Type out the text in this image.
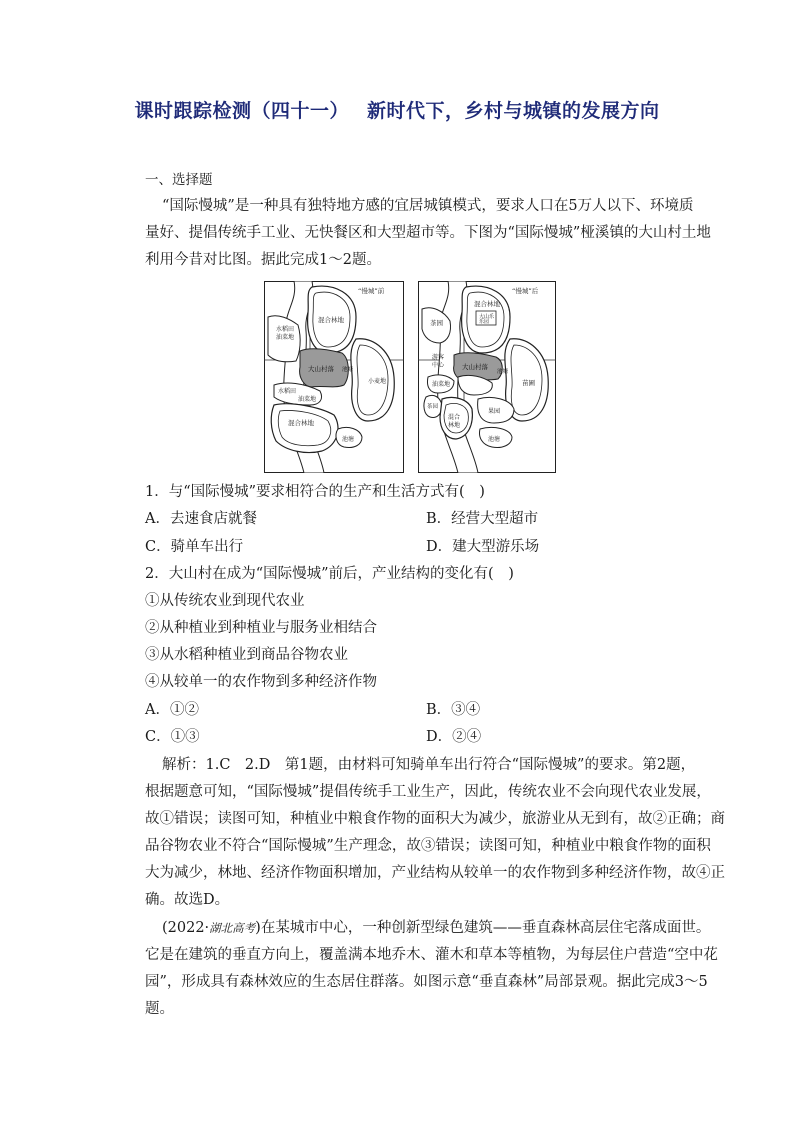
课时跟踪检测（四十一） 新时代下，乡村与城镇的发展方向
一、选择题
“国际慢城”是一种具有独特地方感的宜居城镇模式，要求人口在5万人以下、环境质
量好、提倡传统手工业、无快餐区和大型超市等。下图为“国际慢城”桠溪镇的大山村土地
利用今昔对比图。据此完成1～2题。
“慢城”前
混合林地
水稻田
油菜地
大山村落 池塘
小麦地
水稻田
油菜地
混合林地
池塘
“慢城”后
混合林地
大山乐
乐园
茶园
游客
中心	大山村落
池塘
油菜地	苗圃
茶园
混合
林地
果园
池塘
1．与“国际慢城”要求相符合的生产和生活方式有(　)
A．去速食店就餐	B．经营大型超市
C．骑单车出行	D．建大型游乐场
2．大山村在成为“国际慢城”前后，产业结构的变化有(　)
①从传统农业到现代农业
②从种植业到种植业与服务业相结合
③从水稻种植业到商品谷物农业
④从较单一的农作物到多种经济作物
A．①②	B．③④
C．①③	D．②④
解析：1.C　2.D　第1题，由材料可知骑单车出行符合“国际慢城”的要求。第2题，
根据题意可知，“国际慢城”提倡传统手工业生产，因此，传统农业不会向现代农业发展，
故①错误；读图可知，种植业中粮食作物的面积大为减少，旅游业从无到有，故②正确；商
品谷物农业不符合“国际慢城”生产理念，故③错误；读图可知，种植业中粮食作物的面积
大为减少，林地、经济作物面积增加，产业结构从较单一的农作物到多种经济作物，故④正
确。故选D。
(2022·湖北高考)在某城市中心，一种创新型绿色建筑——垂直森林高层住宅落成面世。
它是在建筑的垂直方向上，覆盖满本地乔木、灌木和草本等植物，为每层住户营造“空中花
园”，形成具有森林效应的生态居住群落。如图示意“垂直森林”局部景观。据此完成3～5
题。
